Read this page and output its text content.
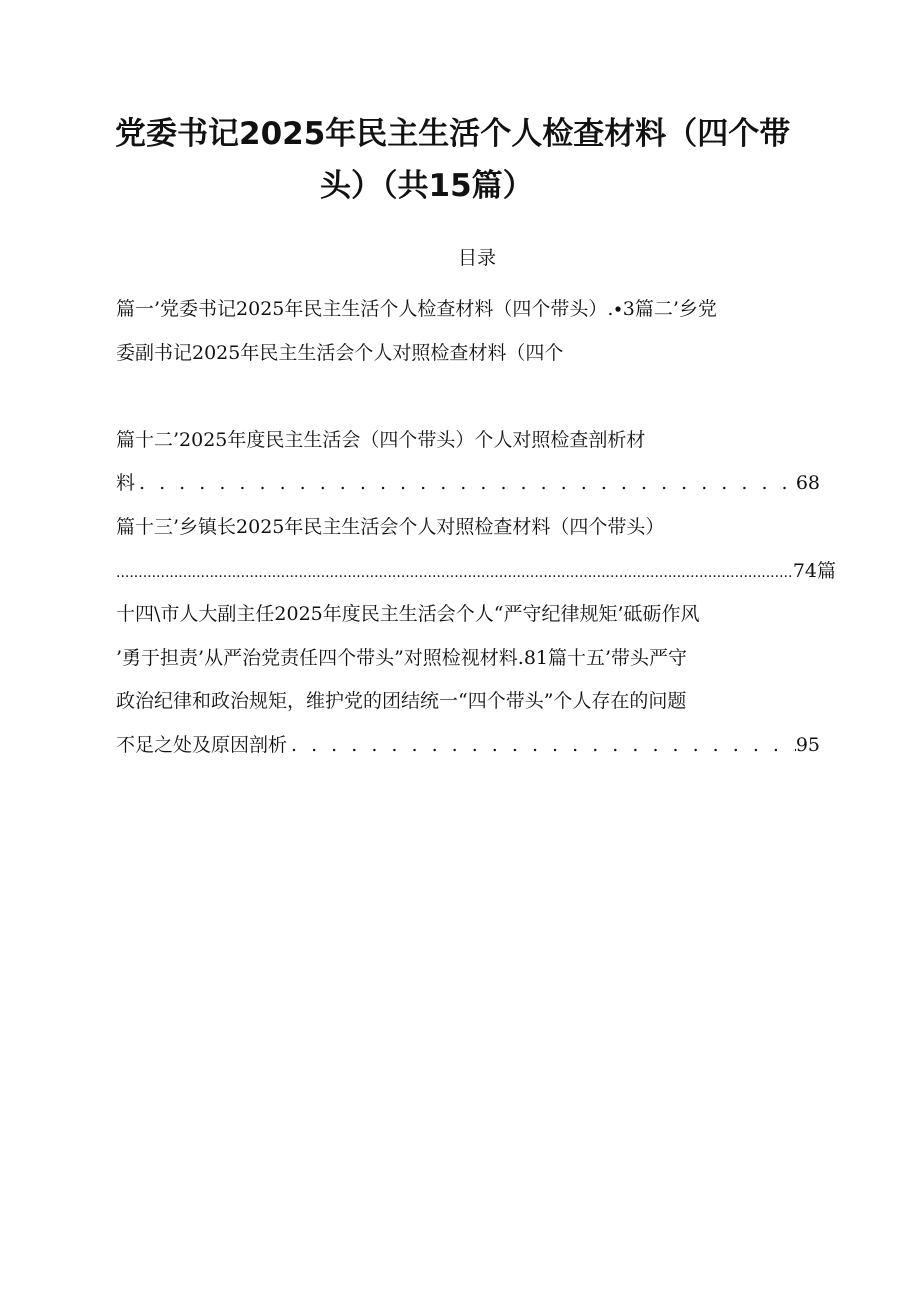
党委书记2025年民主生活个人检查材料（四个带
头）（共15篇）
目录
篇一’党委书记2025年民主生活个人检查材料（四个带头）.∙3篇二’乡党
委副书记2025年民主生活会个人对照检查材料（四个
篇十二’2025年度民主生活会（四个带头）个人对照检查剖析材
料 . . .	68
篇十三’乡镇长2025年民主生活会个人对照检查材料（四个带头）
.....
74篇
十四\市人大副主任2025年度民主生活会个人“严守纪律规矩’砥砺作风
’勇于担责’从严治党责任四个带头”对照检视材料.81篇十五’带头严守
政治纪律和政治规矩，维护党的团结统一“四个带头”个人存在的问题
不足之处及原因剖析 . . .	95
